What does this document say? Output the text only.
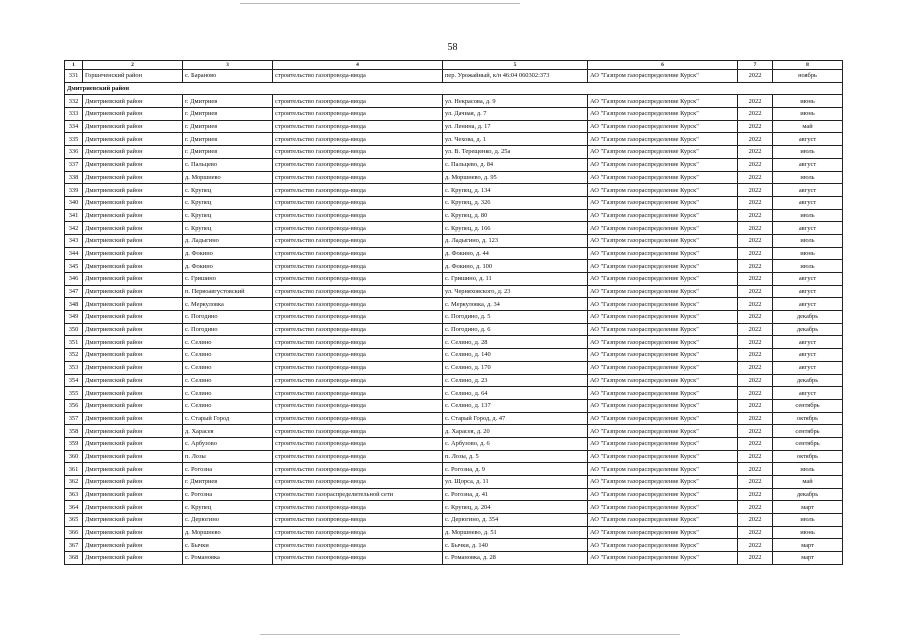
58
1	2	3	4	5	6	7	8
331	Горшеченский район	с. Бараново	строительство газопровода-ввода	пер. Урожайный, к/н 46:04 060302:373	АО "Газпром газораспределение Курск"	2022	ноябрь
Дмитриевский район							
332	Дмитриевский район	г. Дмитриев	строительство газопровода-ввода	ул. Некрасова, д. 9	АО "Газпром газораспределение Курск"	2022	июнь
333	Дмитриевский район	г. Дмитриев	строительство газопровода-ввода	ул. Дачная, д. 7	АО "Газпром газораспределение Курск"	2022	июнь
334	Дмитриевский район	г. Дмитриев	строительство газопровода-ввода	ул. Ленина, д. 17	АО "Газпром газораспределение Курск"	2022	май
335	Дмитриевский район	г. Дмитриев	строительство газопровода-ввода	ул. Чехова, д. 1	АО "Газпром газораспределение Курск"	2022	август
336	Дмитриевский район	г. Дмитриев	строительство газопровода-ввода	ул. В. Терещенко, д. 25а	АО "Газпром газораспределение Курск"	2022	июль
337	Дмитриевский район	с. Пальцево	строительство газопровода-ввода	с. Пальцево, д. 84	АО "Газпром газораспределение Курск"	2022	август
338	Дмитриевский район	д. Моршнево	строительство газопровода-ввода	д. Моршнево, д. 95	АО "Газпром газораспределение Курск"	2022	июль
339	Дмитриевский район	с. Крупец	строительство газопровода-ввода	с. Крупец, д. 134	АО "Газпром газораспределение Курск"	2022	август
340	Дмитриевский район	с. Крупец	строительство газопровода-ввода	с. Крупец, д. 326	АО "Газпром газораспределение Курск"	2022	август
341	Дмитриевский район	с. Крупец	строительство газопровода-ввода	с. Крупец, д. 80	АО "Газпром газораспределение Курск"	2022	июль
342	Дмитриевский район	с. Крупец	строительство газопровода-ввода	с. Крупец, д. 166	АО "Газпром газораспределение Курск"	2022	август
343	Дмитриевский район	д. Ладыгино	строительство газопровода-ввода	д. Ладыгино, д. 123	АО "Газпром газораспределение Курск"	2022	июль
344	Дмитриевский район	д. Фокино	строительство газопровода-ввода	д. Фокино, д. 44	АО "Газпром газораспределение Курск"	2022	июнь
345	Дмитриевский район	д. Фокино	строительство газопровода-ввода	д. Фокино, д. 100	АО "Газпром газораспределение Курск"	2022	июль
346	Дмитриевский район	с. Гришино	строительство газопровода-ввода	с. Гришино, д. 11	АО "Газпром газораспределение Курск"	2022	август
347	Дмитриевский район	п. Первоавгустовский	строительство газопровода-ввода	ул. Черняховского, д. 23	АО "Газпром газораспределение Курск"	2022	август
348	Дмитриевский район	с. Меркуловка	строительство газопровода-ввода	с. Меркуловка, д. 34	АО "Газпром газораспределение Курск"	2022	август
349	Дмитриевский район	с. Погодино	строительство газопровода-ввода	с. Погодино, д. 5	АО "Газпром газораспределение Курск"	2022	декабрь
350	Дмитриевский район	с. Погодино	строительство газопровода-ввода	с. Погодино, д. 6	АО "Газпром газораспределение Курск"	2022	декабрь
351	Дмитриевский район	с. Селино	строительство газопровода-ввода	с. Селино, д. 28	АО "Газпром газораспределение Курск"	2022	август
352	Дмитриевский район	с. Селино	строительство газопровода-ввода	с. Селино, д. 140	АО "Газпром газораспределение Курск"	2022	август
353	Дмитриевский район	с. Селино	строительство газопровода-ввода	с. Селино, д. 170	АО "Газпром газораспределение Курск"	2022	август
354	Дмитриевский район	с. Селино	строительство газопровода-ввода	с. Селино, д. 23	АО "Газпром газораспределение Курск"	2022	декабрь
355	Дмитриевский район	с. Селино	строительство газопровода-ввода	с. Селино, д. 64	АО "Газпром газораспределение Курск"	2022	август
356	Дмитриевский район	с. Селино	строительство газопровода-ввода	с. Селино, д. 137	АО "Газпром газораспределение Курск"	2022	сентябрь
357	Дмитриевский район	с. Старый Город	строительство газопровода-ввода	с. Старый Город, д. 47	АО "Газпром газораспределение Курск"	2022	октябрь
358	Дмитриевский район	д. Харасея	строительство газопровода-ввода	д. Харасея, д. 20	АО "Газпром газораспределение Курск"	2022	сентябрь
359	Дмитриевский район	с. Арбузово	строительство газопровода-ввода	с. Арбузово, д. 6	АО "Газпром газораспределение Курск"	2022	сентябрь
360	Дмитриевский район	п. Лозы	строительство газопровода-ввода	п. Лозы, д. 5	АО "Газпром газораспределение Курск"	2022	октябрь
361	Дмитриевский район	с. Рогозна	строительство газопровода-ввода	с. Рогозна, д. 9	АО "Газпром газораспределение Курск"	2022	июль
362	Дмитриевский район	г. Дмитриев	строительство газопровода-ввода	ул. Щорса, д. 11	АО "Газпром газораспределение Курск"	2022	май
363	Дмитриевский район	с. Рогозна	строительство газораспределительной сети	с. Рогозна, д. 41	АО "Газпром газораспределение Курск"	2022	декабрь
364	Дмитриевский район	с. Крупец	строительство газопровода-ввода	с. Крупец, д. 204	АО "Газпром газораспределение Курск"	2022	март
365	Дмитриевский район	с. Дерюгино	строительство газопровода-ввода	с. Дерюгино, д. 354	АО "Газпром газораспределение Курск"	2022	июль
366	Дмитриевский район	д. Моршнево	строительство газопровода-ввода	д. Моршнево, д. 51	АО "Газпром газораспределение Курск"	2022	июнь
367	Дмитриевский район	с. Бычки	строительство газопровода-ввода	с. Бычки, д. 140	АО "Газпром газораспределение Курск"	2022	март
368	Дмитриевский район	с. Романовка	строительство газопровода-ввода	с. Романовка, д. 28	АО "Газпром газораспределение Курск"	2022	март
